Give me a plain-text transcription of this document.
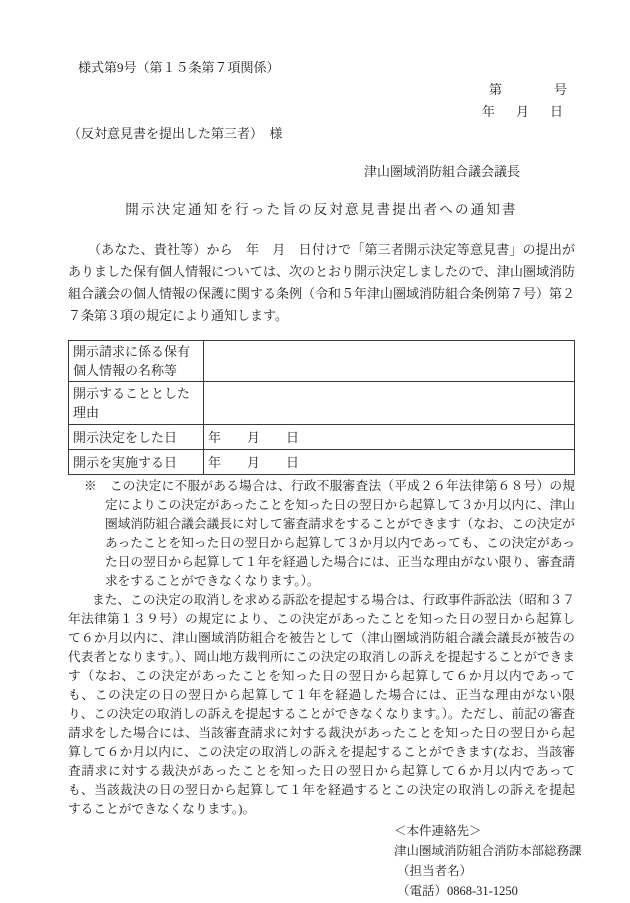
様式第9号（第１５条第７項関係）
第　　　　号
年　月　日
（反対意見書を提出した第三者）　様
津山圏域消防組合議会議長
開示決定通知を行った旨の反対意見書提出者への通知書

（あなた、貴社等）から　年　月　日付けで「第三者開示決定等意見書」の提出がありました保有個人情報については、次のとおり開示決定しましたので、津山圏域消防組合議会の個人情報の保護に関する条例（令和５年津山圏域消防組合条例第７号）第２７条第３項の規定により通知します。

開示請求に係る保有個人情報の名称等	
開示することとした理由	
開示決定をした日	年　　月　　日
開示を実施する日	年　　月　　日

※　この決定に不服がある場合は、行政不服審査法（平成２６年法律第６８号）の規定によりこの決定があったことを知った日の翌日から起算して３か月以内に、津山圏域消防組合議会議長に対して審査請求をすることができます（なお、この決定があったことを知った日の翌日から起算して３か月以内であっても、この決定があった日の翌日から起算して１年を経過した場合には、正当な理由がない限り、審査請求をすることができなくなります。）。

また、この決定の取消しを求める訴訟を提起する場合は、行政事件訴訟法（昭和３７年法律第１３９号）の規定により、この決定があったことを知った日の翌日から起算して６か月以内に、津山圏域消防組合を被告として（津山圏域消防組合議会議長が被告の代表者となります。）、岡山地方裁判所にこの決定の取消しの訴えを提起することができます（なお、この決定があったことを知った日の翌日から起算して６か月以内であっても、この決定の日の翌日から起算して１年を経過した場合には、正当な理由がない限り、この決定の取消しの訴えを提起することができなくなります。）。ただし、前記の審査請求をした場合には、当該審査請求に対する裁決があったことを知った日の翌日から起算して６か月以内に、この決定の取消しの訴えを提起することができます(なお、当該審査請求に対する裁決があったことを知った日の翌日から起算して６か月以内であっても、当該裁決の日の翌日から起算して１年を経過するとこの決定の取消しの訴えを提起することができなくなります。)。

＜本件連絡先＞
津山圏域消防組合消防本部総務課
（担当者名）
（電話）0868-31-1250
